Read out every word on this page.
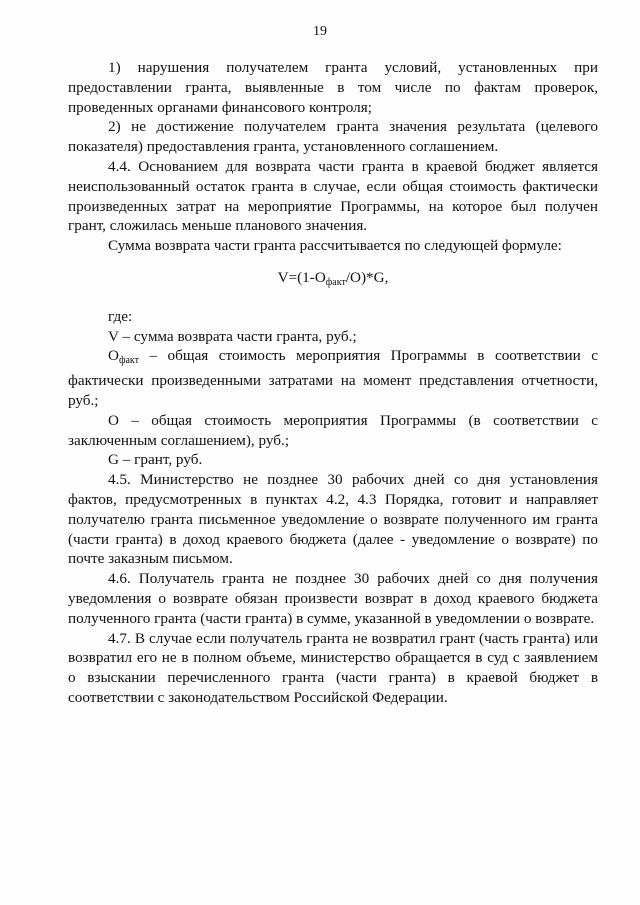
19

1) нарушения получателем гранта условий, установленных при предоставлении гранта, выявленные в том числе по фактам проверок, проведенных органами финансового контроля;

2) не достижение получателем гранта значения результата (целевого показателя) предоставления гранта, установленного соглашением.

4.4. Основанием для возврата части гранта в краевой бюджет является неиспользованный остаток гранта в случае, если общая стоимость фактически произведенных затрат на мероприятие Программы, на которое был получен грант, сложилась меньше планового значения.

Сумма возврата части гранта рассчитывается по следующей формуле:

$V=(1-О_{факт}/О)*G$,

где:

V – сумма возврата части гранта, руб.;

Офакт – общая стоимость мероприятия Программы в соответствии с фактически произведенными затратами на момент представления отчетности, руб.;

О – общая стоимость мероприятия Программы (в соответствии с заключенным соглашением), руб.;

G – грант, руб.

4.5. Министерство не позднее 30 рабочих дней со дня установления фактов, предусмотренных в пунктах 4.2, 4.3 Порядка, готовит и направляет получателю гранта письменное уведомление о возврате полученного им гранта (части гранта) в доход краевого бюджета (далее - уведомление о возврате) по почте заказным письмом.

4.6. Получатель гранта не позднее 30 рабочих дней со дня получения уведомления о возврате обязан произвести возврат в доход краевого бюджета полученного гранта (части гранта) в сумме, указанной в уведомлении о возврате.

4.7. В случае если получатель гранта не возвратил грант (часть гранта) или возвратил его не в полном объеме, министерство обращается в суд с заявлением о взыскании перечисленного гранта (части гранта) в краевой бюджет в соответствии с законодательством Российской Федерации.
